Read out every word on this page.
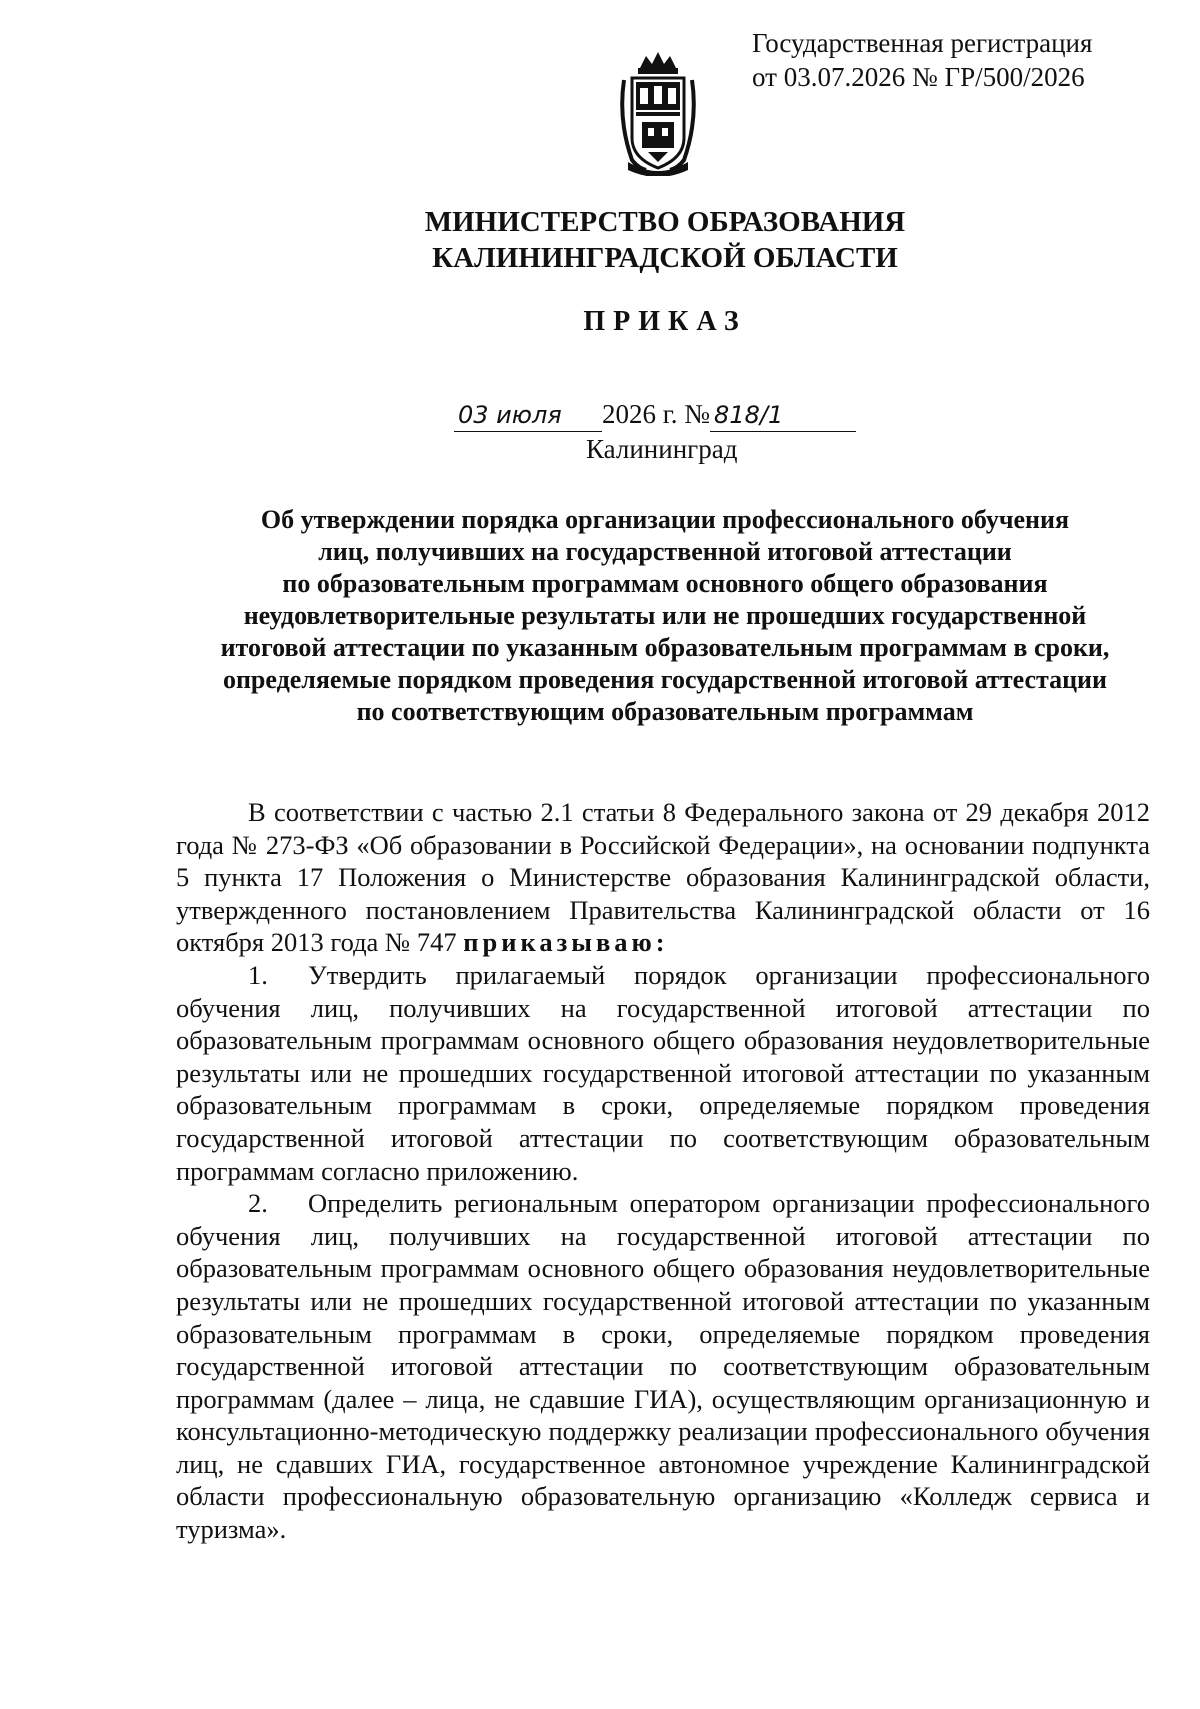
Государственная регистрация
от 03.07.2026 № ГР/500/2026
МИНИСТЕРСТВО ОБРАЗОВАНИЯ
КАЛИНИНГРАДСКОЙ ОБЛАСТИ
ПРИКАЗ
03 июля 2026 г. № 818/1
Калининград
Об утверждении порядка организации профессионального обучения
лиц, получивших на государственной итоговой аттестации
по образовательным программам основного общего образования
неудовлетворительные результаты или не прошедших государственной
итоговой аттестации по указанным образовательным программам в сроки,
определяемые порядком проведения государственной итоговой аттестации
по соответствующим образовательным программам

В соответствии с частью 2.1 статьи 8 Федерального закона от 29 декабря 2012 года № 273-ФЗ «Об образовании в Российской Федерации», на основании подпункта 5 пункта 17 Положения о Министерстве образования Калининградской области, утвержденного постановлением Правительства Калининградской области от 16 октября 2013 года № 747 приказываю:

1. Утвердить прилагаемый порядок организации профессионального обучения лиц, получивших на государственной итоговой аттестации по образовательным программам основного общего образования неудовлетворительные результаты или не прошедших государственной итоговой аттестации по указанным образовательным программам в сроки, определяемые порядком проведения государственной итоговой аттестации по соответствующим образовательным программам согласно приложению.

2. Определить региональным оператором организации профессионального обучения лиц, получивших на государственной итоговой аттестации по образовательным программам основного общего образования неудовлетворительные результаты или не прошедших государственной итоговой аттестации по указанным образовательным программам в сроки, определяемые порядком проведения государственной итоговой аттестации по соответствующим образовательным программам (далее – лица, не сдавшие ГИА), осуществляющим организационную и консультационно-методическую поддержку реализации профессионального обучения лиц, не сдавших ГИА, государственное автономное учреждение Калининградской области профессиональную образовательную организацию «Колледж сервиса и туризма».
